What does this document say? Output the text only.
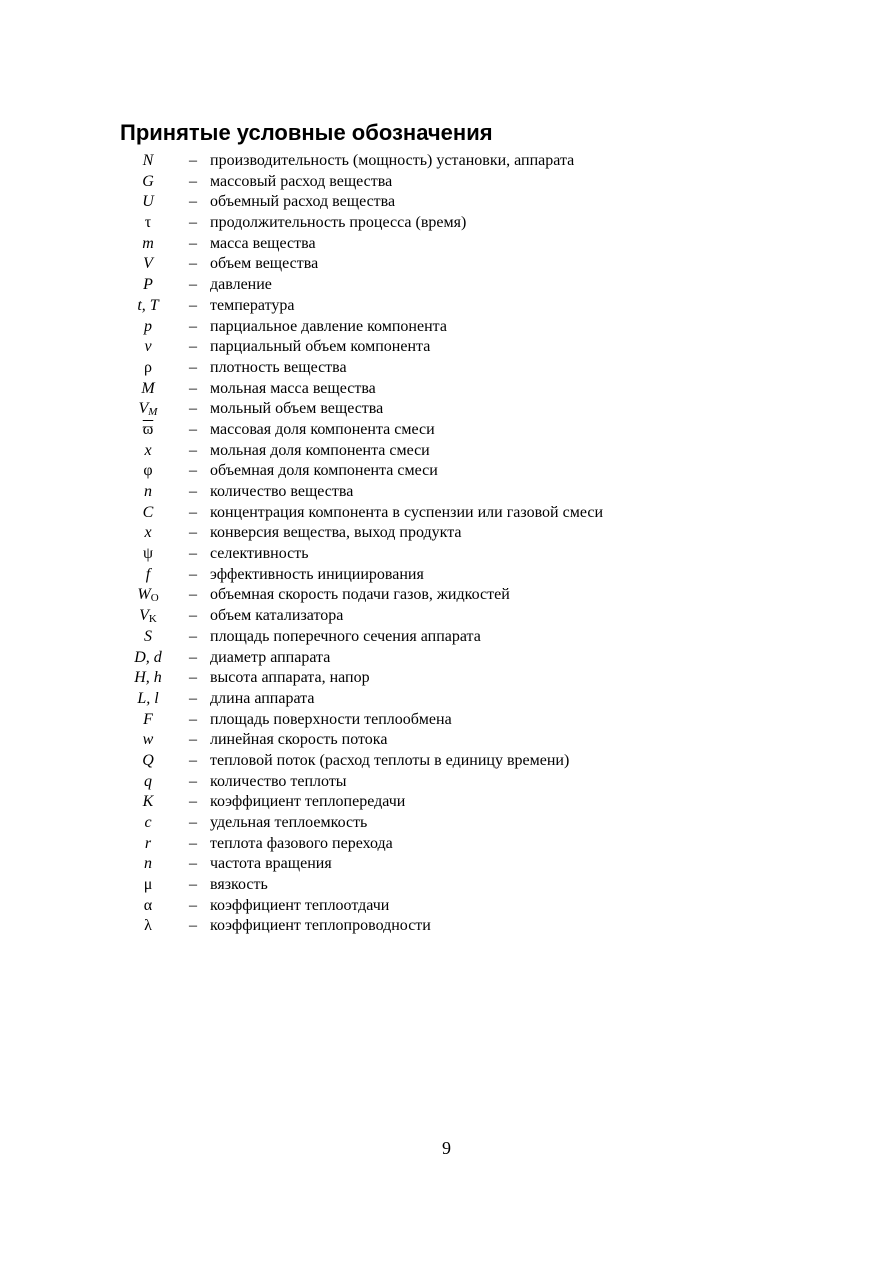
Принятые условные обозначения
N	– производительность (мощность) установки, аппарата
G	– массовый расход вещества
U	– объемный расход вещества
τ	– продолжительность процесса (время)
m	– масса вещества
V	– объем вещества
P	– давление
t, T	– температура
p	– парциальное давление компонента
v	– парциальный объем компонента
ρ	– плотность вещества
M	– мольная масса вещества
$V_M$	– мольный объем вещества
$\overline{ϖ}$	– массовая доля компонента смеси
x	– мольная доля компонента смеси
φ	– объемная доля компонента смеси
n	– количество вещества
C	– концентрация компонента в суспензии или газовой смеси
x	– конверсия вещества, выход продукта
ψ	– селективность
f	– эффективность инициирования
$W_O$	– объемная скорость подачи газов, жидкостей
$V_K$	– объем катализатора
S	– площадь поперечного сечения аппарата
D, d	– диаметр аппарата
H, h	– высота аппарата, напор
L, l	– длина аппарата
F	– площадь поверхности теплообмена
w	– линейная скорость потока
Q	– тепловой поток (расход теплоты в единицу времени)
q	– количество теплоты
K	– коэффициент теплопередачи
c	– удельная теплоемкость
r	– теплота фазового перехода
n	– частота вращения
μ	– вязкость
α	– коэффициент теплоотдачи
λ	– коэффициент теплопроводности
9
